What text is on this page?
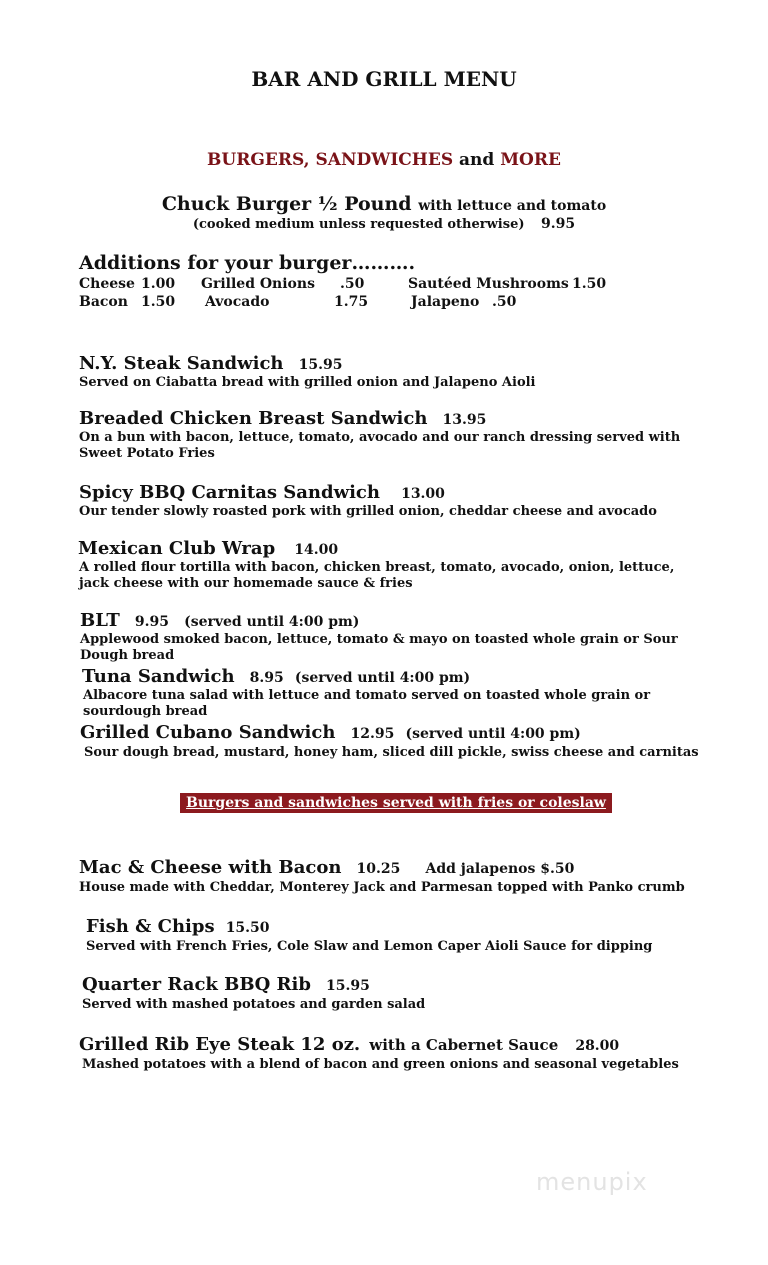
BAR AND GRILL MENU
BURGERS, SANDWICHES and MORE
Chuck Burger ½ Pound with lettuce and tomato
(cooked medium unless requested otherwise) 9.95
Additions for your burger……….
Cheese 1.00 Grilled Onions .50	Sautéed Mushrooms 1.50
Bacon 1.50 Avocado	1.75	Jalapeno .50
N.Y. Steak Sandwich 15.95
Served on Ciabatta bread with grilled onion and Jalapeno Aioli
Breaded Chicken Breast Sandwich 13.95
On a bun with bacon, lettuce, tomato, avocado and our ranch dressing served with Sweet Potato Fries
Spicy BBQ Carnitas Sandwich 13.00
Our tender slowly roasted pork with grilled onion, cheddar cheese and avocado
Mexican Club Wrap 14.00
A rolled flour tortilla with bacon, chicken breast, tomato, avocado, onion, lettuce, jack cheese with our homemade sauce & fries
BLT 9.95 (served until 4:00 pm)
Applewood smoked bacon, lettuce, tomato & mayo on toasted whole grain or Sour Dough bread
Tuna Sandwich 8.95 (served until 4:00 pm)
Albacore tuna salad with lettuce and tomato served on toasted whole grain or sourdough bread
Grilled Cubano Sandwich 12.95 (served until 4:00 pm)
Sour dough bread, mustard, honey ham, sliced dill pickle, swiss cheese and carnitas
Burgers and sandwiches served with fries or coleslaw
Mac & Cheese with Bacon 10.25 Add jalapenos $.50
House made with Cheddar, Monterey Jack and Parmesan topped with Panko crumb
Fish & Chips 15.50
Served with French Fries, Cole Slaw and Lemon Caper Aioli Sauce for dipping
Quarter Rack BBQ Rib 15.95
Served with mashed potatoes and garden salad
Grilled Rib Eye Steak 12 oz. with a Cabernet Sauce 28.00
Mashed potatoes with a blend of bacon and green onions and seasonal vegetables
menupix
